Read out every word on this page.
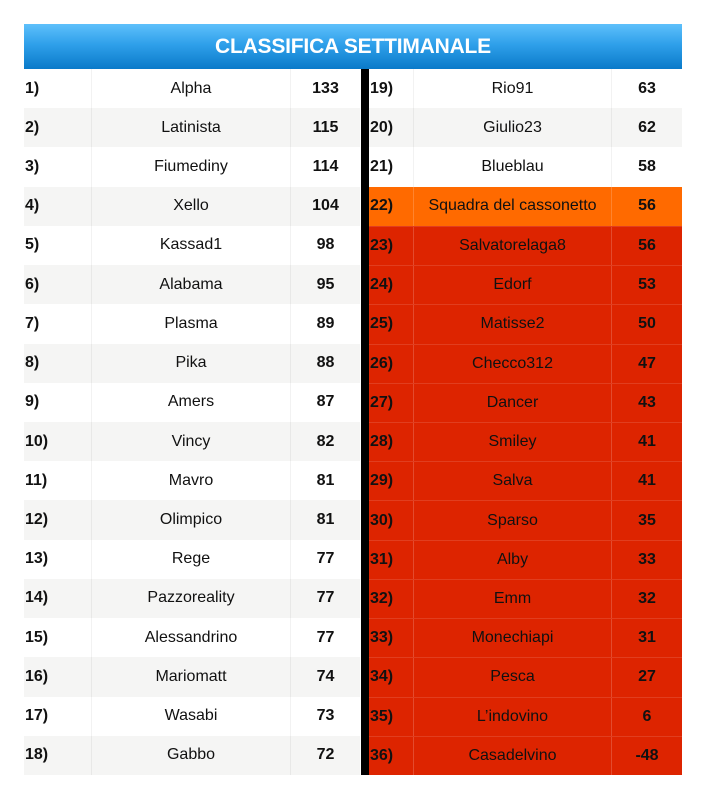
CLASSIFICA SETTIMANALE
1)	Alpha	133
2)	Latinista	115
3)	Fiumediny	114
4)	Xello	104
5)	Kassad1	98
6)	Alabama	95
7)	Plasma	89
8)	Pika	88
9)	Amers	87
10)	Vincy	82
11)	Mavro	81
12)	Olimpico	81
13)	Rege	77
14)	Pazzoreality	77
15)	Alessandrino	77
16)	Mariomatt	74
17)	Wasabi	73
18)	Gabbo	72
19)	Rio91	63
20)	Giulio23	62
21)	Blueblau	58
22)	Squadra del cassonetto	56
23)	Salvatorelaga8	56
24)	Edorf	53
25)	Matisse2	50
26)	Checco312	47
27)	Dancer	43
28)	Smiley	41
29)	Salva	41
30)	Sparso	35
31)	Alby	33
32)	Emm	32
33)	Monechiapi	31
34)	Pesca	27
35)	L’indovino	6
36)	Casadelvino	-48
